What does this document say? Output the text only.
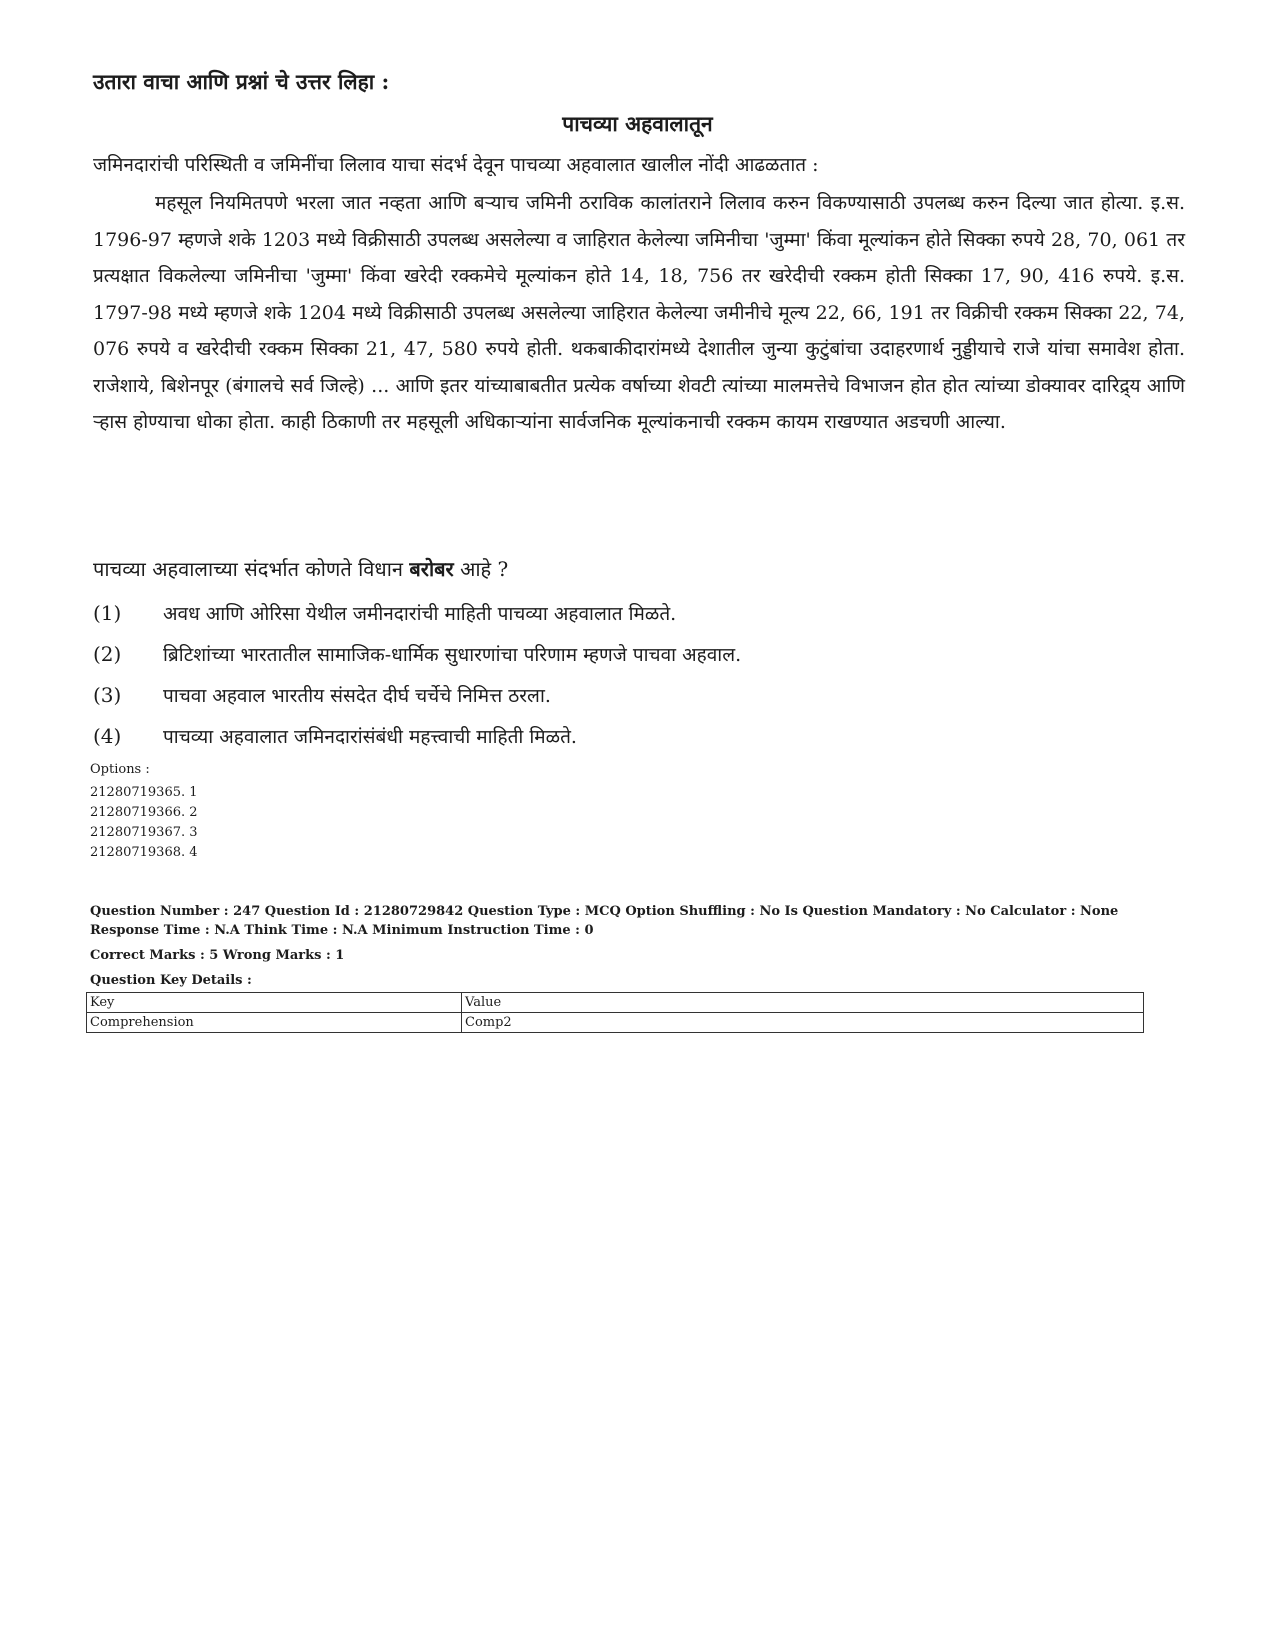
उतारा वाचा आणि प्रश्नां चे उत्तर लिहा :

पाचव्या अहवालातून

जमिनदारांची परिस्थिती व जमिनींचा लिलाव याचा संदर्भ देवून पाचव्या अहवालात खालील नोंदी आढळतात :

महसूल नियमितपणे भरला जात नव्हता आणि बऱ्याच जमिनी ठराविक कालांतराने लिलाव करुन विकण्यासाठी उपलब्ध करुन दिल्या जात होत्या. इ.स. 1796-97 म्हणजे शके 1203 मध्ये विक्रीसाठी उपलब्ध असलेल्या व जाहिरात केलेल्या जमिनीचा 'जुम्मा' किंवा मूल्यांकन होते सिक्का रुपये 28, 70, 061 तर प्रत्यक्षात विकलेल्या जमिनीचा 'जुम्मा' किंवा खरेदी रक्कमेचे मूल्यांकन होते 14, 18, 756 तर खरेदीची रक्कम होती सिक्का 17, 90, 416 रुपये. इ.स. 1797-98 मध्ये म्हणजे शके 1204 मध्ये विक्रीसाठी उपलब्ध असलेल्या जाहिरात केलेल्या जमीनीचे मूल्य 22, 66, 191 तर विक्रीची रक्कम सिक्का 22, 74, 076 रुपये व खरेदीची रक्कम सिक्का 21, 47, 580 रुपये होती. थकबाकीदारांमध्ये देशातील जुन्या कुटुंबांचा उदाहरणार्थ नुड्डीयाचे राजे यांचा समावेश होता. राजेशाये, बिशेनपूर (बंगालचे सर्व जिल्हे) ... आणि इतर यांच्याबाबतीत प्रत्येक वर्षाच्या शेवटी त्यांच्या मालमत्तेचे विभाजन होत होत त्यांच्या डोक्यावर दारिद्र्य आणि ऱ्हास होण्याचा धोका होता. काही ठिकाणी तर महसूली अधिकाऱ्यांना सार्वजनिक मूल्यांकनाची रक्कम कायम राखण्यात अडचणी आल्या.

पाचव्या अहवालाच्या संदर्भात कोणते विधान बरोबर आहे ?

(1)	अवध आणि ओरिसा येथील जमीनदारांची माहिती पाचव्या अहवालात मिळते.
(2)	ब्रिटिशांच्या भारतातील सामाजिक-धार्मिक सुधारणांचा परिणाम म्हणजे पाचवा अहवाल.
(3)	पाचवा अहवाल भारतीय संसदेत दीर्घ चर्चेचे निमित्त ठरला.
(4)	पाचव्या अहवालात जमिनदारांसंबंधी महत्त्वाची माहिती मिळते.

Options :

21280719365. 1
21280719366. 2
21280719367. 3
21280719368. 4
Question Number : 247 Question Id : 21280729842 Question Type : MCQ Option Shuffling : No Is Question Mandatory : No Calculator : None
Response Time : N.A Think Time : N.A Minimum Instruction Time : 0
Correct Marks : 5 Wrong Marks : 1
Question Key Details :
Key	Value
Comprehension	Comp2
